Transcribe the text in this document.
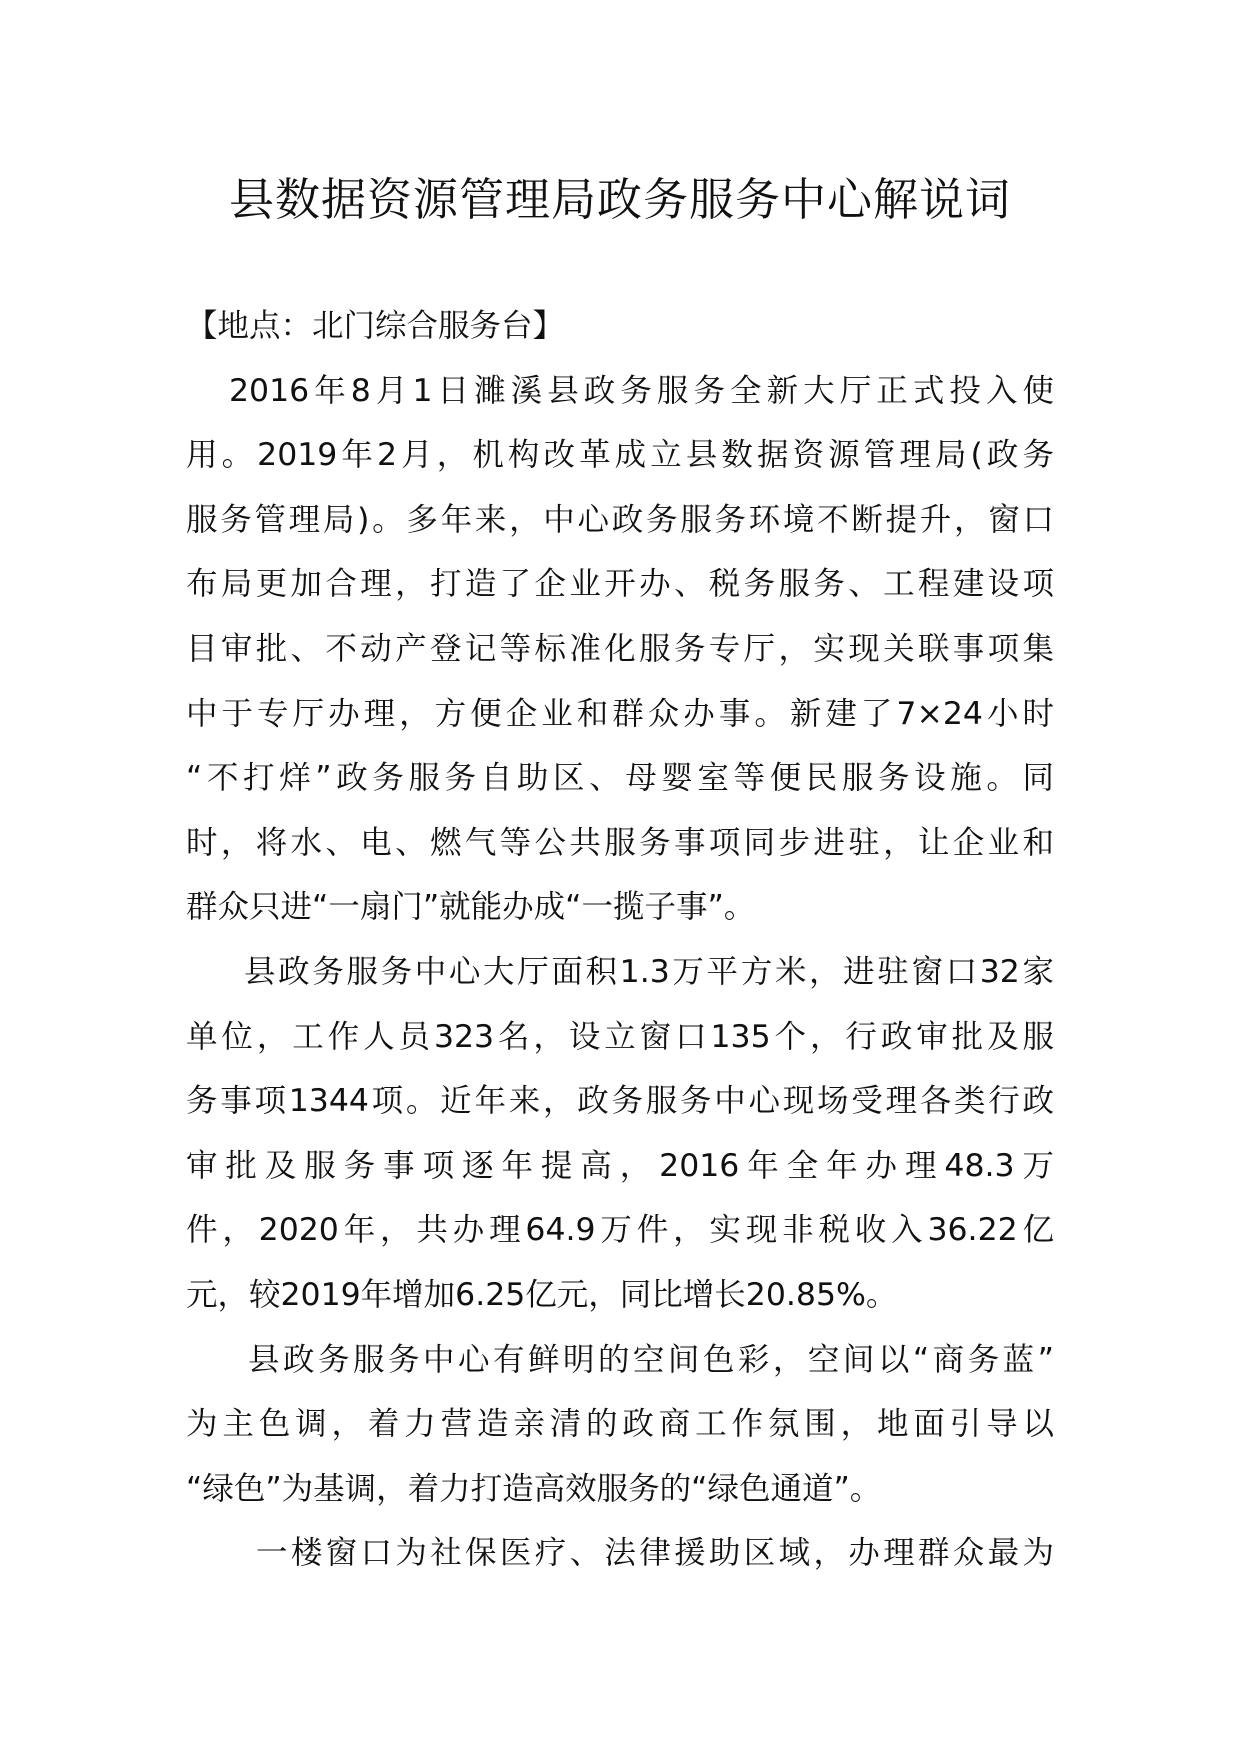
县数据资源管理局政务服务中心解说词
【地点：北门综合服务台】
2016年8月1日濉溪县政务服务全新大厅正式投入使
用。2019年2月，机构改革成立县数据资源管理局(政务
服务管理局)。多年来，中心政务服务环境不断提升，窗口
布局更加合理，打造了企业开办、税务服务、工程建设项
目审批、不动产登记等标准化服务专厅，实现关联事项集
中于专厅办理，方便企业和群众办事。新建了7×24小时
“不打烊”政务服务自助区、母婴室等便民服务设施。同
时，将水、电、燃气等公共服务事项同步进驻，让企业和
群众只进“一扇门”就能办成“一揽子事”。
县政务服务中心大厅面积1.3万平方米，进驻窗口32家
单位，工作人员323名，设立窗口135个，行政审批及服
务事项1344项。近年来，政务服务中心现场受理各类行政
审批及服务事项逐年提高，2016年全年办理48.3万
件，2020年，共办理64.9万件，实现非税收入36.22亿
元，较2019年增加6.25亿元，同比增长20.85%。
县政务服务中心有鲜明的空间色彩，空间以“商务蓝”
为主色调，着力营造亲清的政商工作氛围，地面引导以
“绿色”为基调，着力打造高效服务的“绿色通道”。
一楼窗口为社保医疗、法律援助区域，办理群众最为
